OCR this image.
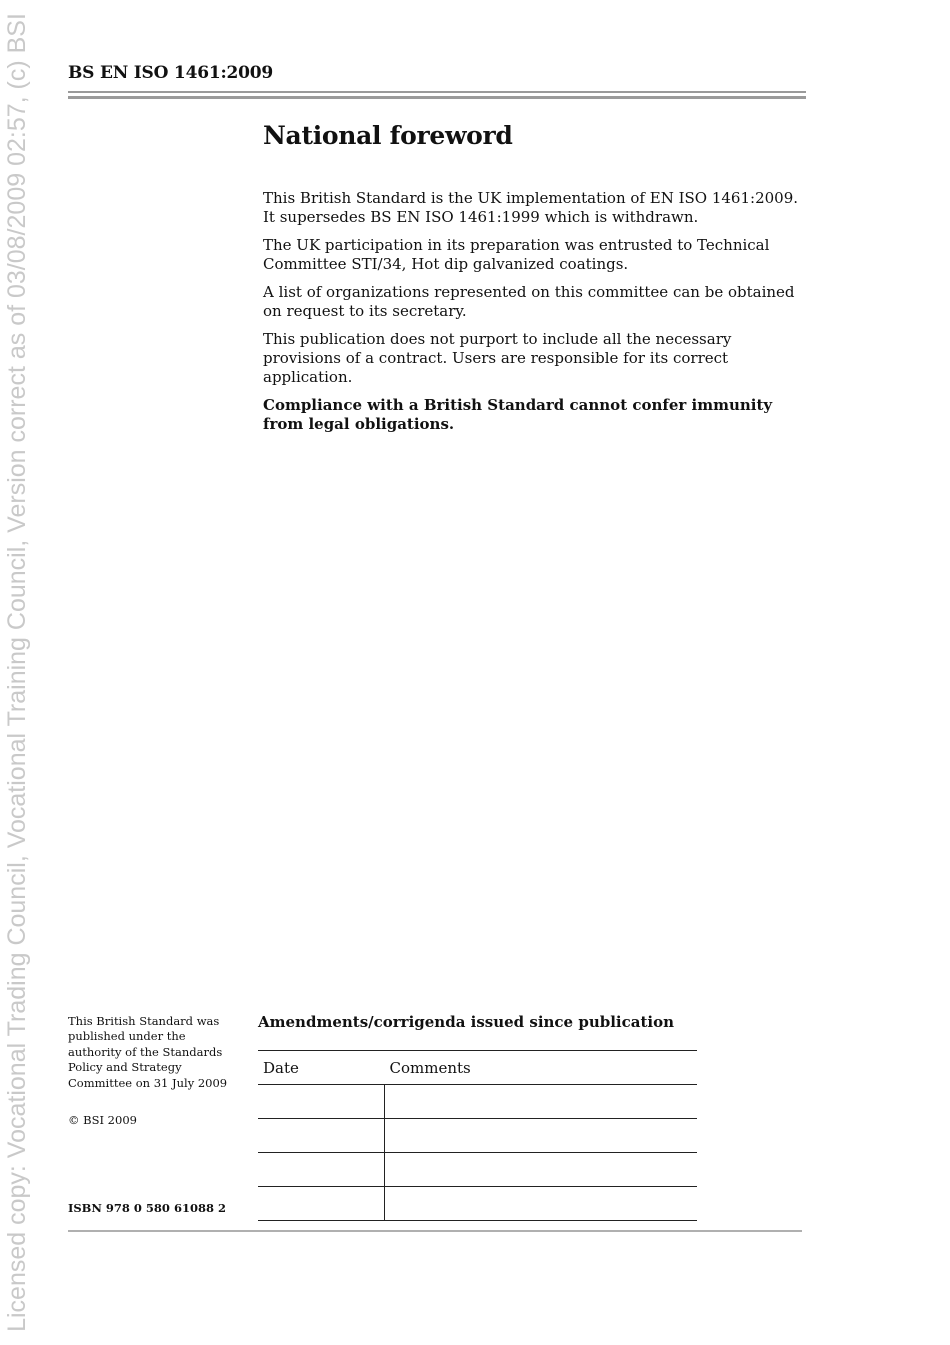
Licensed copy: Vocational Trading Council, Vocational Training Council, Version correct as of 03/08/2009 02:57, (c) BSI	BS EN ISO 1461:2009
National foreword

This British Standard is the UK implementation of EN ISO 1461:2009. It supersedes BS EN ISO 1461:1999 which is withdrawn.

The UK participation in its preparation was entrusted to Technical Committee STI/34, Hot dip galvanized coatings.

A list of organizations represented on this committee can be obtained on request to its secretary.

This publication does not purport to include all the necessary provisions of a contract. Users are responsible for its correct application.

Compliance with a British Standard cannot confer immunity from legal obligations.

This British Standard was published under the authority of the Standards Policy and Strategy Committee on 31 July 2009
© BSI 2009
ISBN 978 0 580 61088 2
Amendments/corrigenda issued since publication
Date	Comments
